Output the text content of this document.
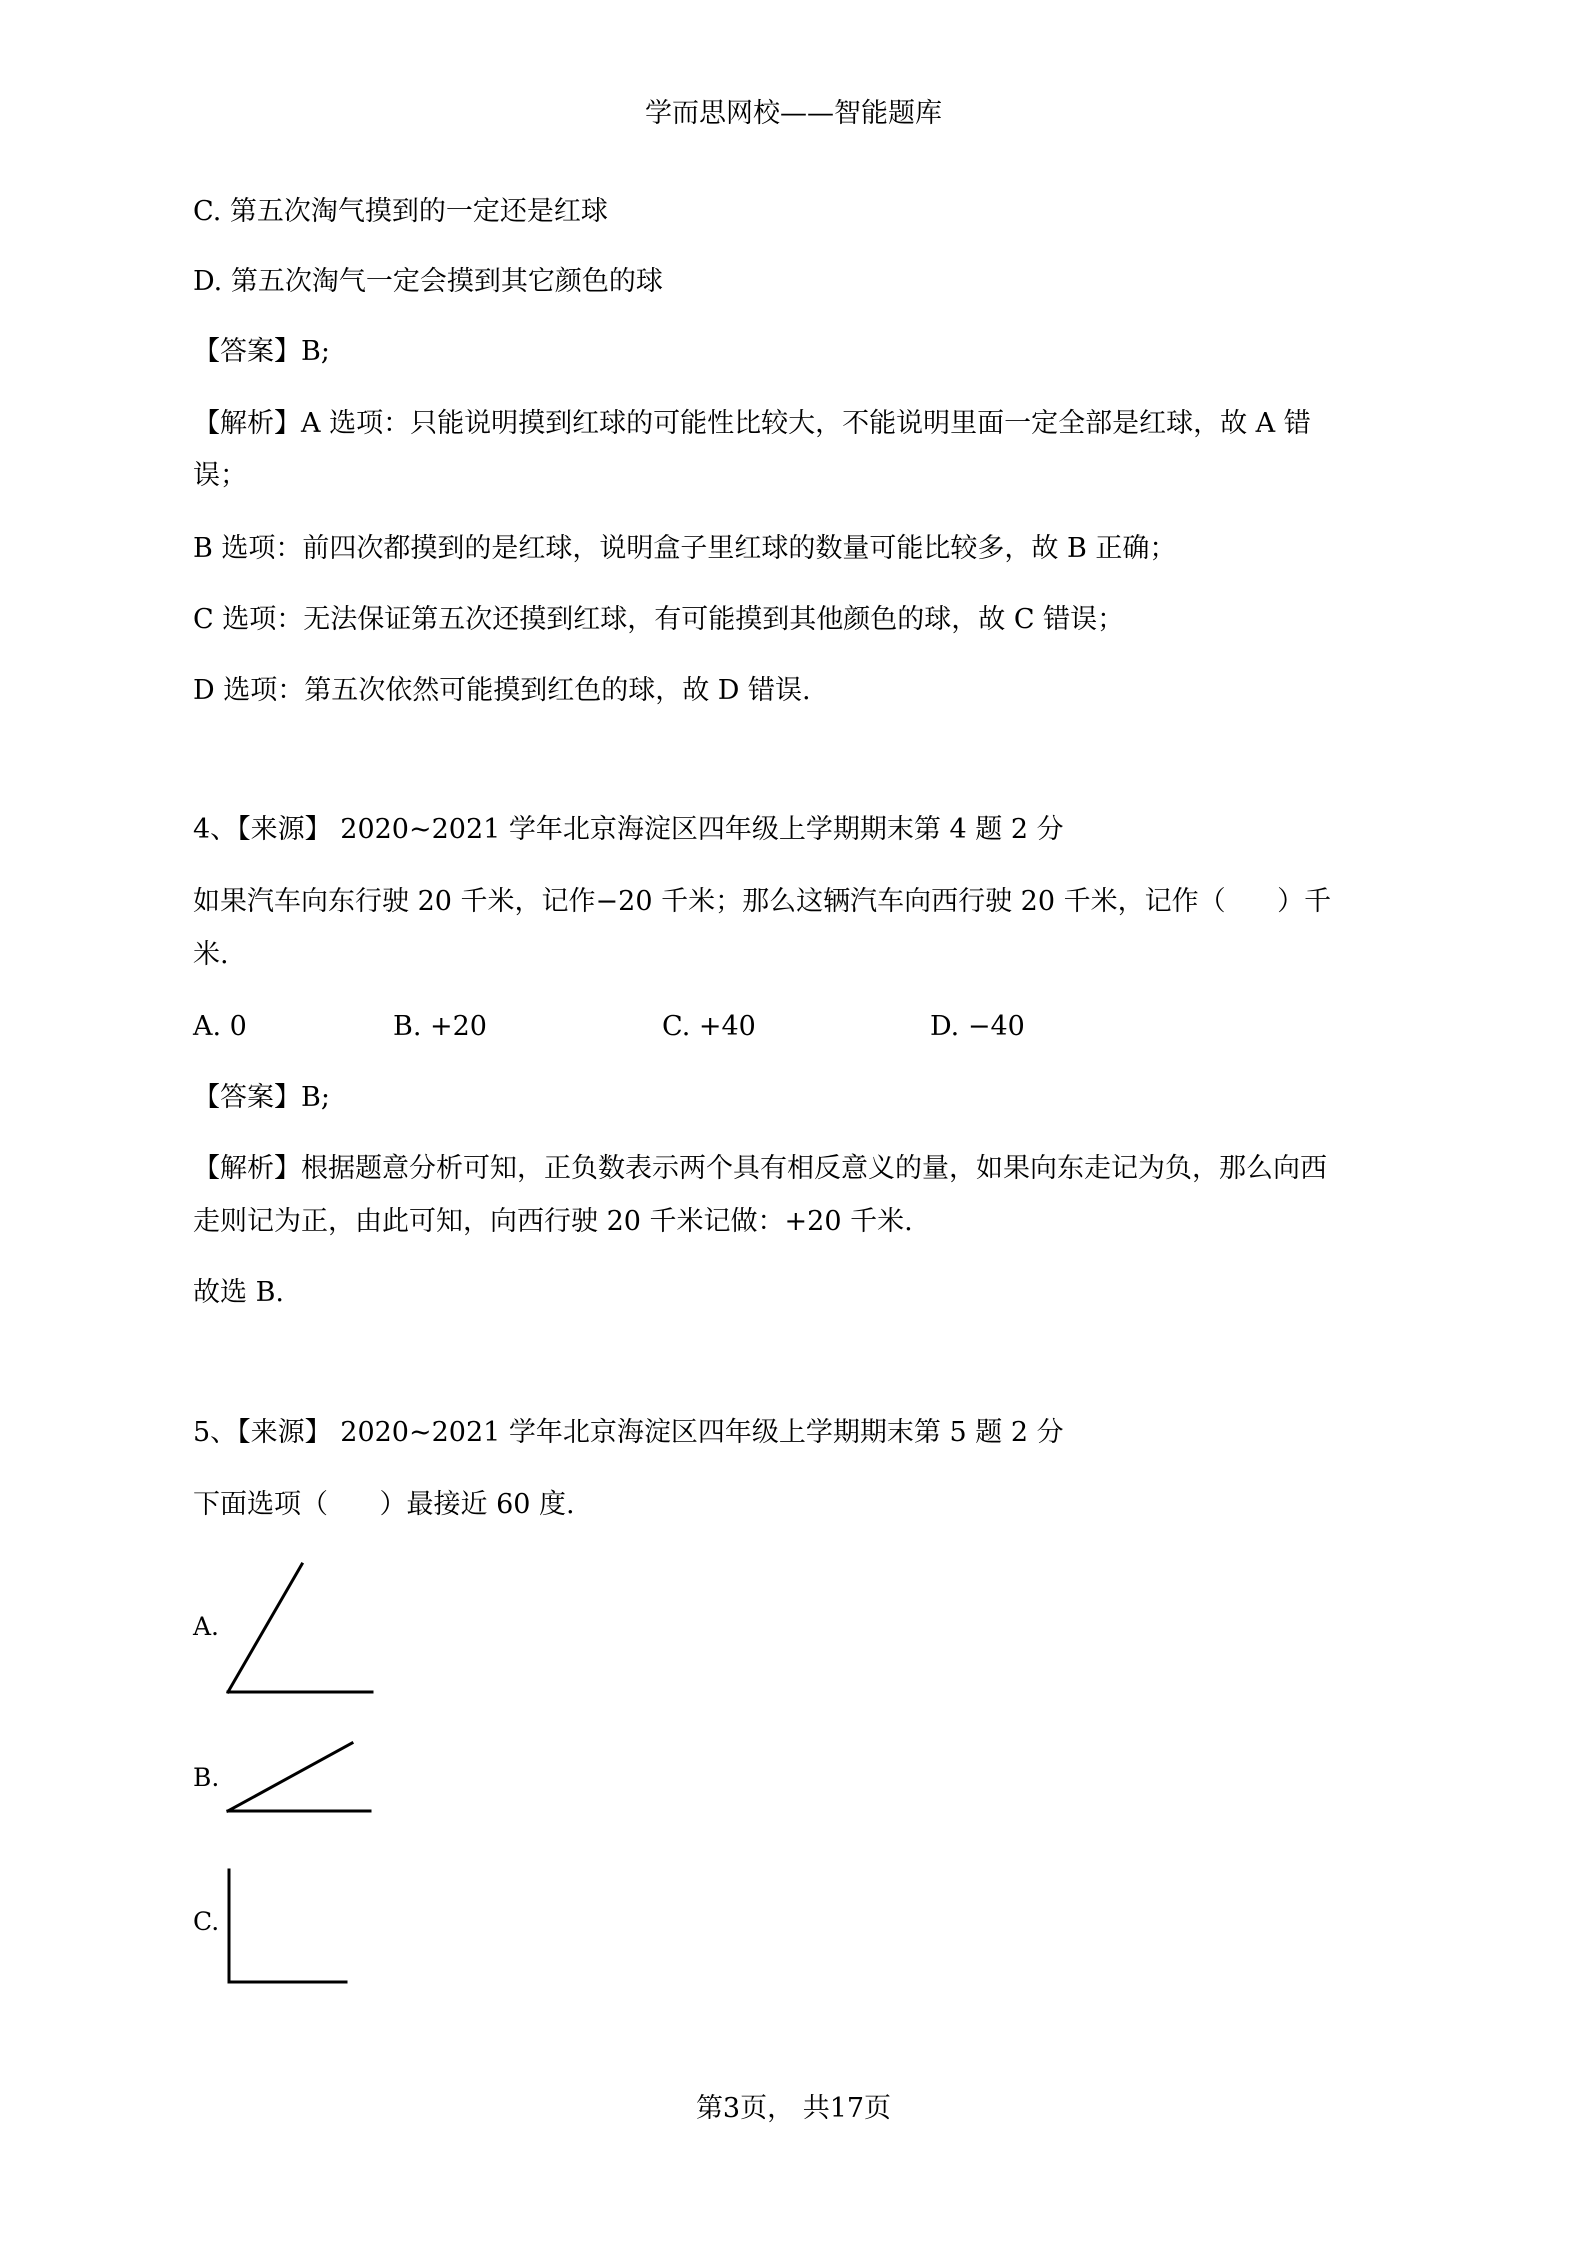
学而思网校——智能题库
C. 第五次淘气摸到的一定还是红球
D. 第五次淘气一定会摸到其它颜色的球
【答案】B;
【解析】A 选项：只能说明摸到红球的可能性比较大，不能说明里面一定全部是红球，故 A 错
误；
B 选项：前四次都摸到的是红球，说明盒子里红球的数量可能比较多，故 B 正确；
C 选项：无法保证第五次还摸到红球，有可能摸到其他颜色的球，故 C 错误；
D 选项：第五次依然可能摸到红色的球，故 D 错误.
4、【来源】 2020~2021 学年北京海淀区四年级上学期期末第 4 题 2 分
如果汽车向东行驶 20 千米，记作−20 千米；那么这辆汽车向西行驶 20 千米，记作（      ）千
米.
A. 0	B. +20	C. +40	D. −40
【答案】B;
【解析】根据题意分析可知，正负数表示两个具有相反意义的量，如果向东走记为负，那么向西
走则记为正，由此可知，向西行驶 20 千米记做：+20 千米.
故选 B.
5、【来源】 2020~2021 学年北京海淀区四年级上学期期末第 5 题 2 分
下面选项（      ）最接近 60 度.
A.
B.
C.
第3页， 共17页
